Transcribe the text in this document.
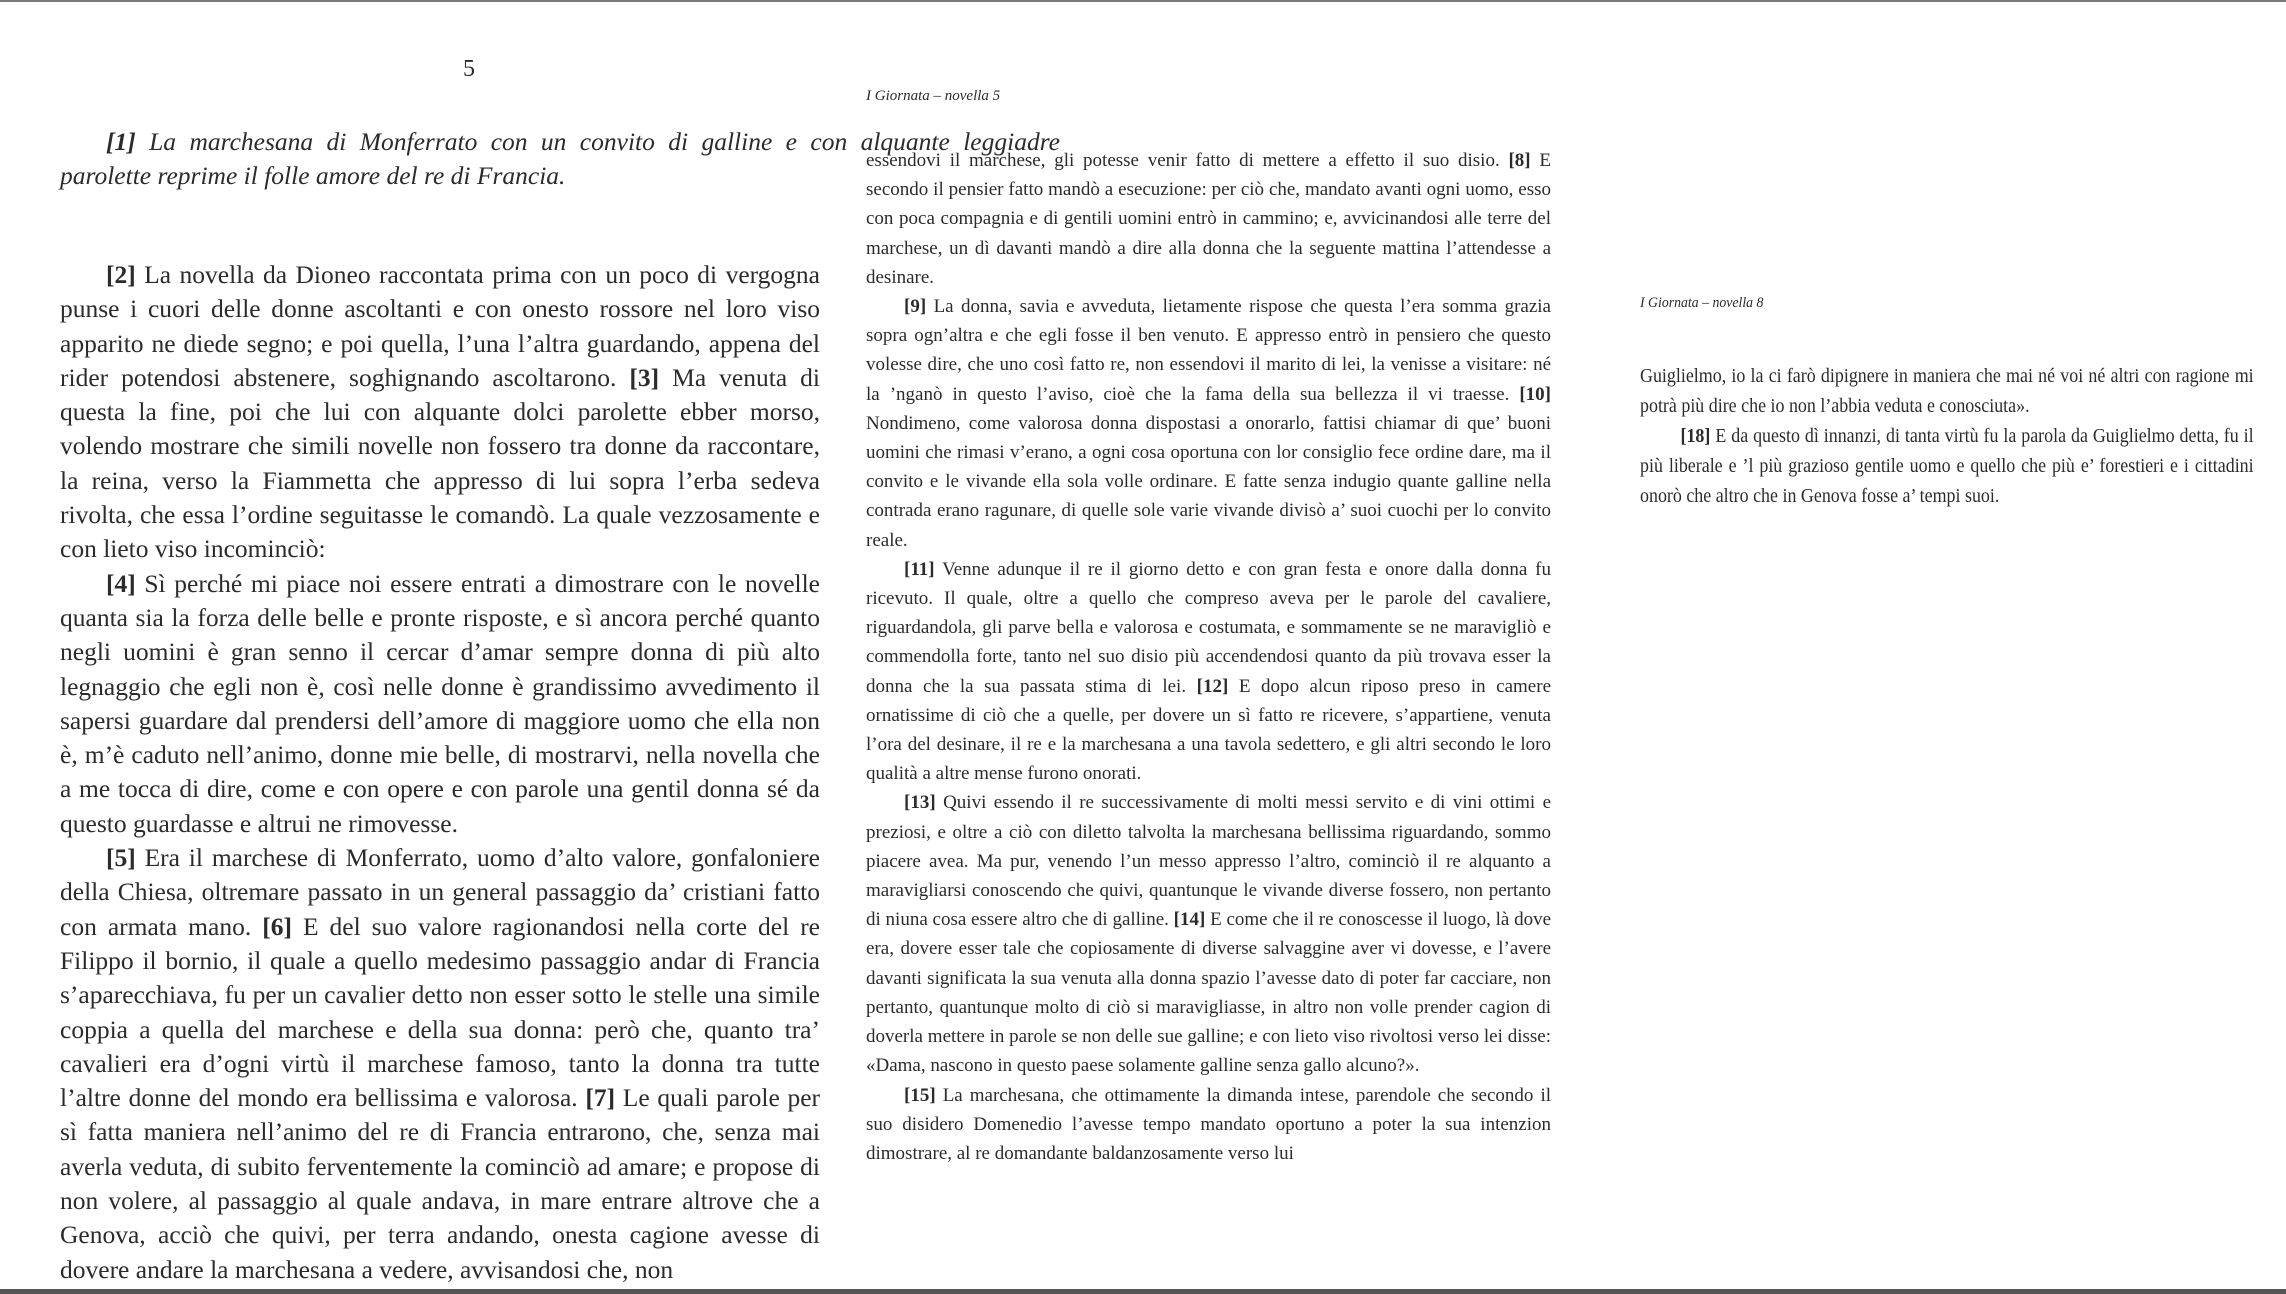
5

[1] La marchesana di Monferrato con un convito di galline e con alquante leggiadre parolette reprime il folle amore del re di Francia.

[2] La novella da Dioneo raccontata prima con un poco di vergogna punse i cuori delle donne ascoltanti e con onesto rossore nel loro viso apparito ne diede segno; e poi quella, l’una l’altra guardando, appena del rider potendosi abstenere, soghignando ascoltarono. [3] Ma venuta di questa la fine, poi che lui con alquante dolci parolette ebber morso, volendo mostrare che simili novelle non fossero tra donne da raccontare, la reina, verso la Fiammetta che appresso di lui sopra l’erba sedeva rivolta, che essa l’ordine seguitasse le comandò. La quale vezzosamente e con lieto viso incominciò:

[4] Sì perché mi piace noi essere entrati a dimostrare con le novelle quanta sia la forza delle belle e pronte risposte, e sì ancora perché quanto negli uomini è gran senno il cercar d’amar sempre donna di più alto legnaggio che egli non è, così nelle donne è grandissimo avvedimento il sapersi guardare dal prendersi dell’amore di maggiore uomo che ella non è, m’è caduto nell’animo, donne mie belle, di mostrarvi, nella novella che a me tocca di dire, come e con opere e con parole una gentil donna sé da questo guardasse e altrui ne rimovesse.

[5] Era il marchese di Monferrato, uomo d’alto valore, gonfaloniere della Chiesa, oltremare passato in un general passaggio da’ cristiani fatto con armata mano. [6] E del suo valore ragionandosi nella corte del re Filippo il bornio, il quale a quello medesimo passaggio andar di Francia s’aparecchiava, fu per un cavalier detto non esser sotto le stelle una simile coppia a quella del marchese e della sua donna: però che, quanto tra’ cavalieri era d’ogni virtù il marchese famoso, tanto la donna tra tutte l’altre donne del mondo era bellissima e valorosa. [7] Le quali parole per sì fatta maniera nell’animo del re di Francia entrarono, che, senza mai averla veduta, di subito ferventemente la cominciò ad amare; e propose di non volere, al passaggio al quale andava, in mare entrare altrove che a Genova, acciò che quivi, per terra andando, onesta cagione avesse di dovere andare la marchesana a vedere, avvisandosi che, non

I Giornata – novella 5

essendovi il marchese, gli potesse venir fatto di mettere a effetto il suo disio. [8] E secondo il pensier fatto mandò a esecuzione: per ciò che, mandato avanti ogni uomo, esso con poca compagnia e di gentili uomini entrò in cammino; e, avvicinandosi alle terre del marchese, un dì davanti mandò a dire alla donna che la seguente mattina l’attendesse a desinare.

[9] La donna, savia e avveduta, lietamente rispose che questa l’era somma grazia sopra ogn’altra e che egli fosse il ben venuto. E appresso entrò in pensiero che questo volesse dire, che uno così fatto re, non essendovi il marito di lei, la venisse a visitare: né la ’nganò in questo l’aviso, cioè che la fama della sua bellezza il vi traesse. [10] Nondimeno, come valorosa donna dispostasi a onorarlo, fattisi chiamar di que’ buoni uomini che rimasi v’erano, a ogni cosa oportuna con lor consiglio fece ordine dare, ma il convito e le vivande ella sola volle ordinare. E fatte senza indugio quante galline nella contrada erano ragunare, di quelle sole varie vivande divisò a’ suoi cuochi per lo convito reale.

[11] Venne adunque il re il giorno detto e con gran festa e onore dalla donna fu ricevuto. Il quale, oltre a quello che compreso aveva per le parole del cavaliere, riguardandola, gli parve bella e valorosa e costumata, e sommamente se ne maravigliò e commendolla forte, tanto nel suo disio più accendendosi quanto da più trovava esser la donna che la sua passata stima di lei. [12] E dopo alcun riposo preso in camere ornatissime di ciò che a quelle, per dovere un sì fatto re ricevere, s’appartiene, venuta l’ora del desinare, il re e la marchesana a una tavola sedettero, e gli altri secondo le loro qualità a altre mense furono onorati.

[13] Quivi essendo il re successivamente di molti messi servito e di vini ottimi e preziosi, e oltre a ciò con diletto talvolta la marchesana bellissima riguardando, sommo piacere avea. Ma pur, venendo l’un messo appresso l’altro, cominciò il re alquanto a maravigliarsi conoscendo che quivi, quantunque le vivande diverse fossero, non pertanto di niuna cosa essere altro che di galline. [14] E come che il re conoscesse il luogo, là dove era, dovere esser tale che copiosamente di diverse salvaggine aver vi dovesse, e l’avere davanti significata la sua venuta alla donna spazio l’avesse dato di poter far cacciare, non pertanto, quantunque molto di ciò si maravigliasse, in altro non volle prender cagion di doverla mettere in parole se non delle sue galline; e con lieto viso rivoltosi verso lei disse: «Dama, nascono in questo paese solamente galline senza gallo alcuno?».

[15] La marchesana, che ottimamente la dimanda intese, parendole che secondo il suo disidero Domenedio l’avesse tempo mandato oportuno a poter la sua intenzion dimostrare, al re domandante baldanzosamente verso lui

I Giornata – novella 8

Guiglielmo, io la ci farò dipignere in maniera che mai né voi né altri con ragione mi potrà più dire che io non l’abbia veduta e conosciuta».

[18] E da questo dì innanzi, di tanta virtù fu la parola da Guiglielmo detta, fu il più liberale e ’l più grazioso gentile uomo e quello che più e’ forestieri e i cittadini onorò che altro che in Genova fosse a’ tempi suoi.
